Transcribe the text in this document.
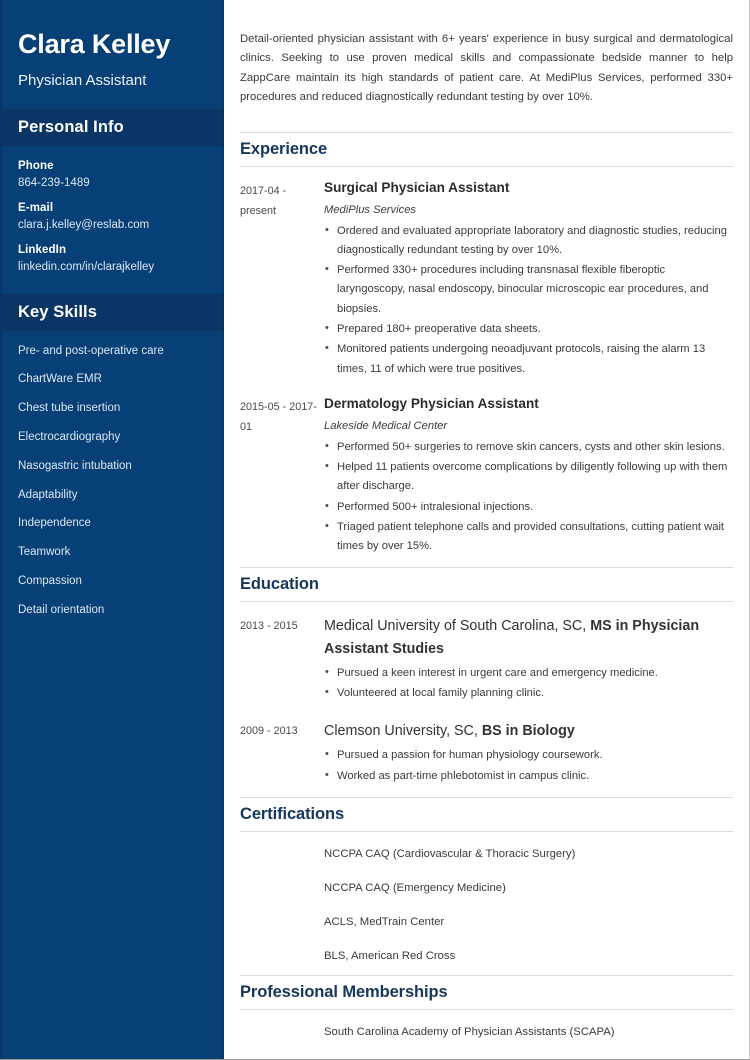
Clara Kelley
Physician Assistant
Personal Info
Phone
864-239-1489
E-mail
clara.j.kelley@reslab.com
LinkedIn
linkedin.com/in/clarajkelley
Key Skills
Pre- and post-operative care
ChartWare EMR
Chest tube insertion
Electrocardiography
Nasogastric intubation
Adaptability
Independence
Teamwork
Compassion
Detail orientation

Detail-oriented physician assistant with 6+ years' experience in busy surgical and dermatological clinics. Seeking to use proven medical skills and compassionate bedside manner to help ZappCare maintain its high standards of patient care. At MediPlus Services, performed 330+ procedures and reduced diagnostically redundant testing by over 10%.

Experience
2017-04 - present
Surgical Physician Assistant
MediPlus Services
• Ordered and evaluated appropriate laboratory and diagnostic studies, reducing diagnostically redundant testing by over 10%.
• Performed 330+ procedures including transnasal flexible fiberoptic laryngoscopy, nasal endoscopy, binocular microscopic ear procedures, and biopsies.
• Prepared 180+ preoperative data sheets.
• Monitored patients undergoing neoadjuvant protocols, raising the alarm 13 times, 11 of which were true positives.
2015-05 - 2017-01
Dermatology Physician Assistant
Lakeside Medical Center
• Performed 50+ surgeries to remove skin cancers, cysts and other skin lesions.
• Helped 11 patients overcome complications by diligently following up with them after discharge.
• Performed 500+ intralesional injections.
• Triaged patient telephone calls and provided consultations, cutting patient wait times by over 15%.
Education
2013 - 2015	Medical University of South Carolina, SC, MS in Physician Assistant Studies
• Pursued a keen interest in urgent care and emergency medicine.
• Volunteered at local family planning clinic.
2009 - 2013	Clemson University, SC, BS in Biology
• Pursued a passion for human physiology coursework.
• Worked as part-time phlebotomist in campus clinic.
Certifications
NCCPA CAQ (Cardiovascular & Thoracic Surgery)
NCCPA CAQ (Emergency Medicine)
ACLS, MedTrain Center
BLS, American Red Cross
Professional Memberships
South Carolina Academy of Physician Assistants (SCAPA)
